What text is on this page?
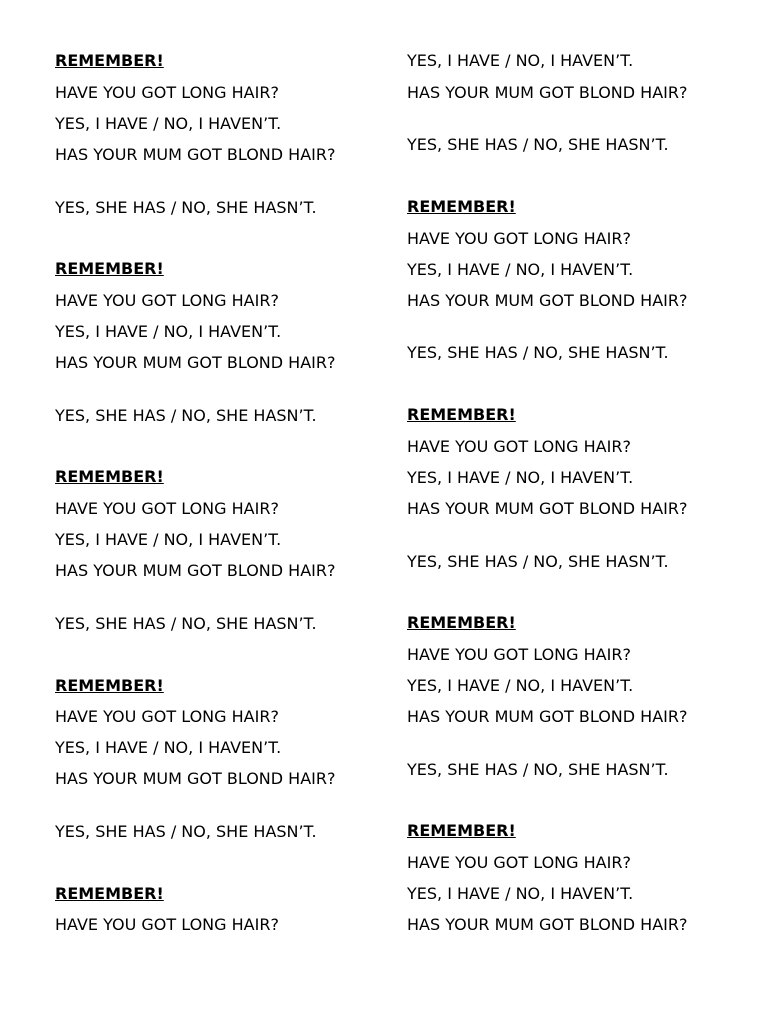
REMEMBER!

HAVE YOU GOT LONG HAIR?

YES, I HAVE / NO, I HAVEN’T.

HAS YOUR MUM GOT BLOND HAIR?

YES, SHE HAS / NO, SHE HASN’T.

REMEMBER!

HAVE YOU GOT LONG HAIR?

YES, I HAVE / NO, I HAVEN’T.

HAS YOUR MUM GOT BLOND HAIR?

YES, SHE HAS / NO, SHE HASN’T.

REMEMBER!

HAVE YOU GOT LONG HAIR?

YES, I HAVE / NO, I HAVEN’T.

HAS YOUR MUM GOT BLOND HAIR?

YES, SHE HAS / NO, SHE HASN’T.

REMEMBER!

HAVE YOU GOT LONG HAIR?

YES, I HAVE / NO, I HAVEN’T.

HAS YOUR MUM GOT BLOND HAIR?

YES, SHE HAS / NO, SHE HASN’T.

REMEMBER!

HAVE YOU GOT LONG HAIR?

YES, I HAVE / NO, I HAVEN’T.

HAS YOUR MUM GOT BLOND HAIR?

YES, SHE HAS / NO, SHE HASN’T.

REMEMBER!

HAVE YOU GOT LONG HAIR?

YES, I HAVE / NO, I HAVEN’T.

HAS YOUR MUM GOT BLOND HAIR?

YES, SHE HAS / NO, SHE HASN’T.

REMEMBER!

HAVE YOU GOT LONG HAIR?

YES, I HAVE / NO, I HAVEN’T.

HAS YOUR MUM GOT BLOND HAIR?

YES, SHE HAS / NO, SHE HASN’T.

REMEMBER!

HAVE YOU GOT LONG HAIR?

YES, I HAVE / NO, I HAVEN’T.

HAS YOUR MUM GOT BLOND HAIR?

YES, SHE HAS / NO, SHE HASN’T.

REMEMBER!

HAVE YOU GOT LONG HAIR?

YES, I HAVE / NO, I HAVEN’T.

HAS YOUR MUM GOT BLOND HAIR?
